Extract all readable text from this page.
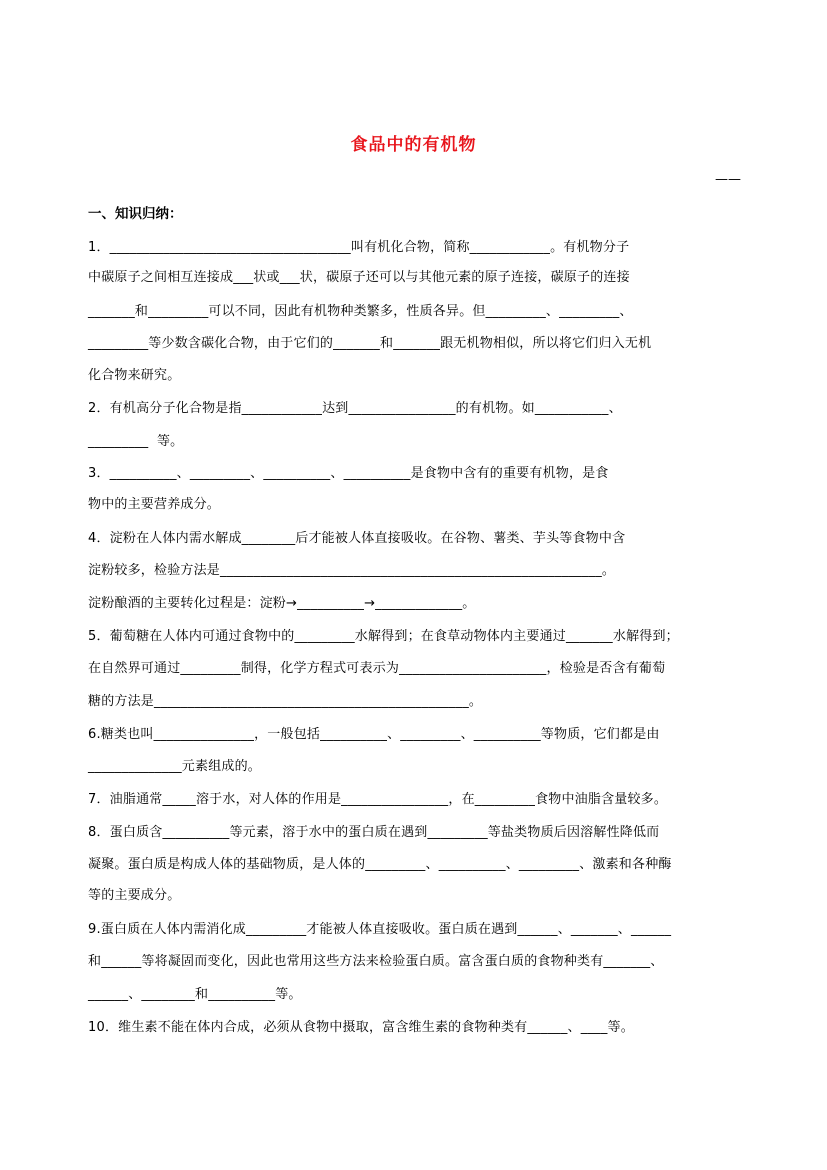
食品中的有机物
——
一、知识归纳：
1．____________________________________叫有机化合物，简称____________。有机物分子
中碳原子之间相互连接成___状或___状，碳原子还可以与其他元素的原子连接，碳原子的连接
_______和_________可以不同，因此有机物种类繁多，性质各异。但_________、_________、
_________等少数含碳化合物，由于它们的_______和_______跟无机物相似，所以将它们归入无机
化合物来研究。
2．有机高分子化合物是指____________达到________________的有机物。如___________、
_________  等。
3．__________、_________、__________、__________是食物中含有的重要有机物，是食
物中的主要营养成分。
4．淀粉在人体内需水解成________后才能被人体直接吸收。在谷物、薯类、芋头等食物中含
淀粉较多，检验方法是_________________________________________________________。
淀粉酿酒的主要转化过程是：淀粉→__________→_____________。
5．葡萄糖在人体内可通过食物中的_________水解得到；在食草动物体内主要通过_______水解得到；
在自然界可通过_________制得，化学方程式可表示为______________________，检验是否含有葡萄
糖的方法是_______________________________________________。
6.糖类也叫_______________，一般包括__________、_________、__________等物质，它们都是由
______________元素组成的。
7．油脂通常_____溶于水，对人体的作用是________________，在_________食物中油脂含量较多。
8．蛋白质含__________等元素，溶于水中的蛋白质在遇到_________等盐类物质后因溶解性降低而
凝聚。蛋白质是构成人体的基础物质，是人体的_________、__________、_________、激素和各种酶
等的主要成分。
9.蛋白质在人体内需消化成_________才能被人体直接吸收。蛋白质在遇到______、_______、______
和______等将凝固而变化，因此也常用这些方法来检验蛋白质。富含蛋白质的食物种类有_______、
______、________和__________等。
10．维生素不能在体内合成，必须从食物中摄取，富含维生素的食物种类有______、____等。
